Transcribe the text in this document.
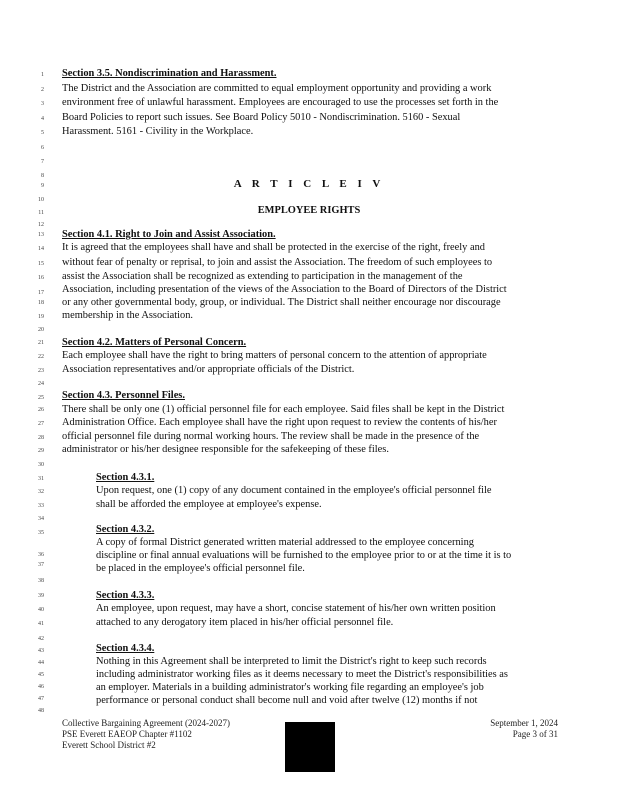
1
2
3
4
5
6
7
8
9
10
11
12
13
14
15
16
17
18
19
20
21
22
23
24
25
26
27
28
29
30
31
32
33
34
35
36
37
38
39
40
41
42
43
44
45
46
47
48
Section 3.5. Nondiscrimination and Harassment.
The District and the Association are committed to equal employment opportunity and providing a work
environment free of unlawful harassment. Employees are encouraged to use the processes set forth in the
Board Policies to report such issues. See Board Policy 5010 - Nondiscrimination. 5160 - Sexual
Harassment. 5161 - Civility in the Workplace.
A R T I C L E I V
EMPLOYEE RIGHTS
Section 4.1. Right to Join and Assist Association.
It is agreed that the employees shall have and shall be protected in the exercise of the right, freely and
without fear of penalty or reprisal, to join and assist the Association. The freedom of such employees to
assist the Association shall be recognized as extending to participation in the management of the
Association, including presentation of the views of the Association to the Board of Directors of the District
or any other governmental body, group, or individual. The District shall neither encourage nor discourage
membership in the Association.
Section 4.2. Matters of Personal Concern.
Each employee shall have the right to bring matters of personal concern to the attention of appropriate
Association representatives and/or appropriate officials of the District.
Section 4.3. Personnel Files.
There shall be only one (1) official personnel file for each employee. Said files shall be kept in the District
Administration Office. Each employee shall have the right upon request to review the contents of his/her
official personnel file during normal working hours. The review shall be made in the presence of the
administrator or his/her designee responsible for the safekeeping of these files.
Section 4.3.1.
Upon request, one (1) copy of any document contained in the employee's official personnel file
shall be afforded the employee at employee's expense.
Section 4.3.2.
A copy of formal District generated written material addressed to the employee concerning
discipline or final annual evaluations will be furnished to the employee prior to or at the time it is to
be placed in the employee's official personnel file.
Section 4.3.3.
An employee, upon request, may have a short, concise statement of his/her own written position
attached to any derogatory item placed in his/her official personnel file.
Section 4.3.4.
Nothing in this Agreement shall be interpreted to limit the District's right to keep such records
including administrator working files as it deems necessary to meet the District's responsibilities as
an employer. Materials in a building administrator's working file regarding an employee's job
performance or personal conduct shall become null and void after twelve (12) months if not
Collective Bargaining Agreement (2024-2027)
PSE Everett EAEOP Chapter #1102
Everett School District #2
September 1, 2024
Page 3 of 31
